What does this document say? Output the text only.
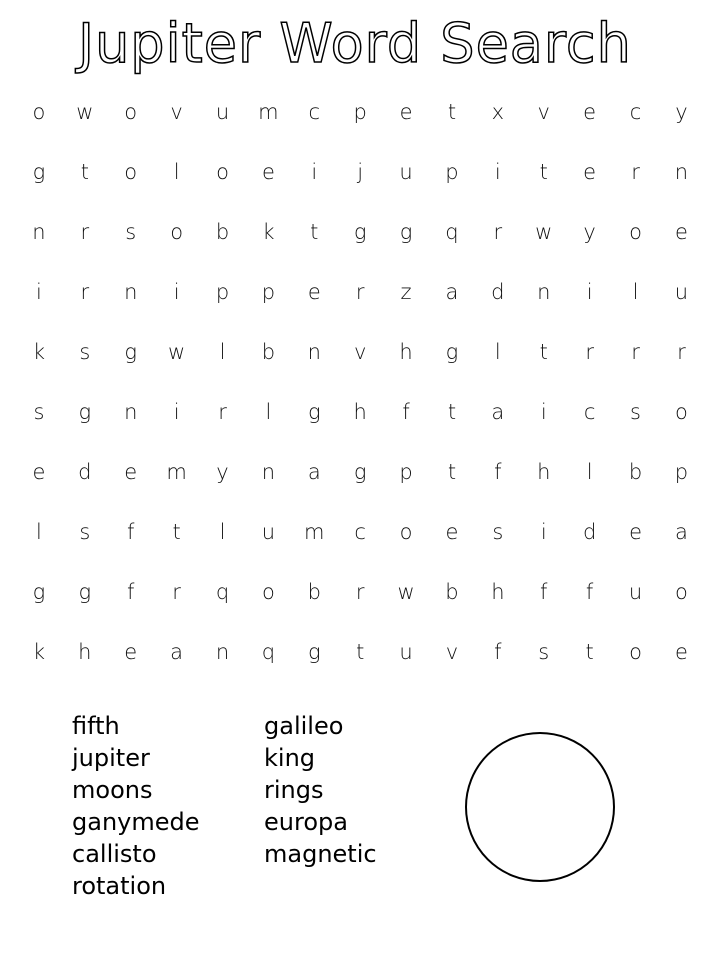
Jupiter Word Search
o	w	o	v	u	m	c	p	e	t	x	v	e	c	y
g	t	o	l	o	e	i	j	u	p	i	t	e	r	n
n	r	s	o	b	k	t	g	g	q	r	w	y	o	e
i	r	n	i	p	p	e	r	z	a	d	n	i	l	u
k	s	g	w	l	b	n	v	h	g	l	t	r	r	r
s	g	n	i	r	l	g	h	f	t	a	i	c	s	o
e	d	e	m	y	n	a	g	p	t	f	h	l	b	p
l	s	f	t	l	u	m	c	o	e	s	i	d	e	a
g	g	f	r	q	o	b	r	w	b	h	f	f	u	o
k	h	e	a	n	q	g	t	u	v	f	s	t	o	e
fifth
jupiter
moons
ganymede
callisto
rotation
galileo
king
rings
europa
magnetic
